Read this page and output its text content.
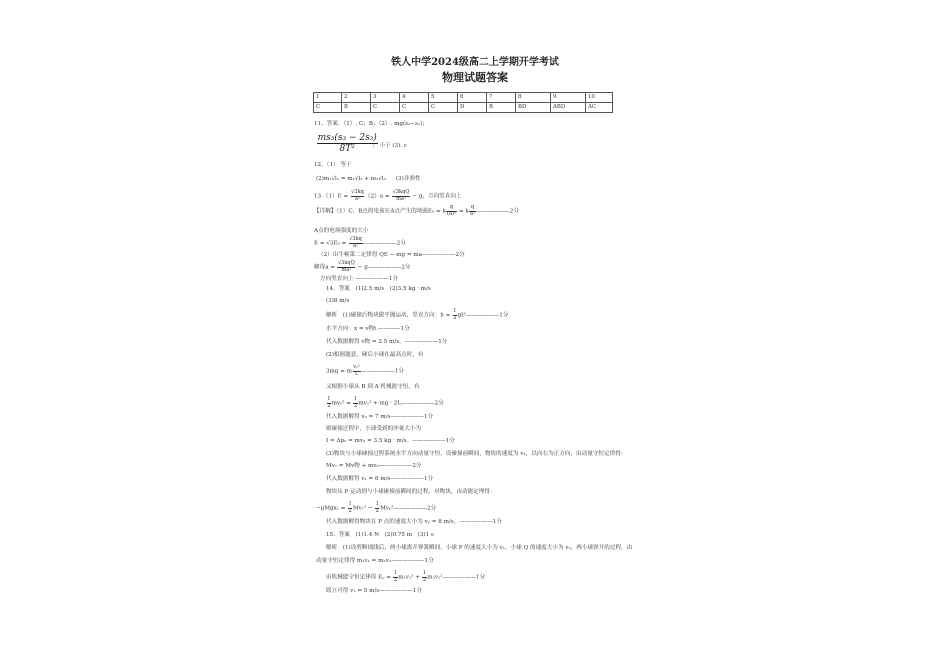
铁人中学2024级高二上学期开学考试
物理试题答案
1	2	3	4	5	6	7	8	9	10
C	B	C	C	C	D	B	BD	ABD	AC
11、答案：（1）. C；B；（2）. mg(s₂−s₁)；
$\frac{\text{ms₃(s₃ − 2s₂)}}{\text{8T²}}$
； 小于 (3). c
12、（1） 等于
(2)m₁√l₁ = m₁√l₂ + m₂√l₃ (3)非弹性
$13.(1)E = \frac{√3kq}{\text{a²}} (2)a = \frac{\text{√3kqQ}}{\text{ma²}} - g$，方向竖直向上
【详解】（1）C、B点的电荷在A点产生的场强E₀ = k $\frac{q}{\text{(a)²}} = k \frac{q}{\text{a²}}$ ——————2分
A点的电场强度的大小
$E = √3E_0 = \frac{√3kq}{\text{a²}}$ ——————2分
（2）由牛顿第二定律得 QE − mg = ma——————2分
解得$a = \frac{\text{√3kqQ}}{\text{ma²}}$ − g——————2分
方向竖直向上 ——————1分
14、答案　(1)2.5 m/s　(2)3.5 kg · m/s
(3)8 m/s
解析　(1)碰撞后物块做平抛运动，竖直方向：$h = \frac{1}{2}$ gt²——————1分
水平方向：x = v物t ————1分
代入数据解得 v物 = 2.5 m/s。——————1分
(2)根据题意，碰后小球在最高点时，有
3mg = m $\frac{\text{v₁²}}{L}$ ——————1分
又根据小球从 B 到 A 机械能守恒，有
$\frac{1}{2} mv_0^2 = \frac{1}{2} mv_1^2$ + mg · 2L——————2分
代入数据解得 v₀ = 7 m/s——————1分
则碰撞过程中，小球受到的冲量大小为
I = Δp₀ = mv₀ = 3.5 kg · m/s。——————1分
(3)物块与小球碰撞过程系统水平方向动量守恒，设碰撞前瞬间，物块的速度为 v₁，以向右为正方向，由动量守恒定律得：
Mv₁ = Mv物 + mv₀——————2分
代入数据解得 v₁ = 6 m/s——————1分
物块从 P 运动到与小球碰撞前瞬间的过程，对物块，由动能定理得：
$-\mu Mgx_1 = \frac{1}{2} Mv_1^2 - \frac{1}{2}$ Mvₚ²——————2分
代入数据解得物块在 P 点的速度大小为 vₚ = 8 m/s。——————1分
15、答案　(1)1.4 N　(2)0.75 m　(3)1 s
解析　(1)设剪断细线后，两小球离开弹簧瞬间，小球 P 的速度大小为 v₁，小球 Q 的速度大小为 v₂，两小球弹开的过程，由
动量守恒定律得 m₁v₁ = m₂v₂——————1分
由机械能守恒定律得 $E_p = \frac{1}{2} m_1v_1^2 + \frac{1}{2}$ m₂v₂²——————1分
联立可得 v₁ = 5 m/s——————1分
